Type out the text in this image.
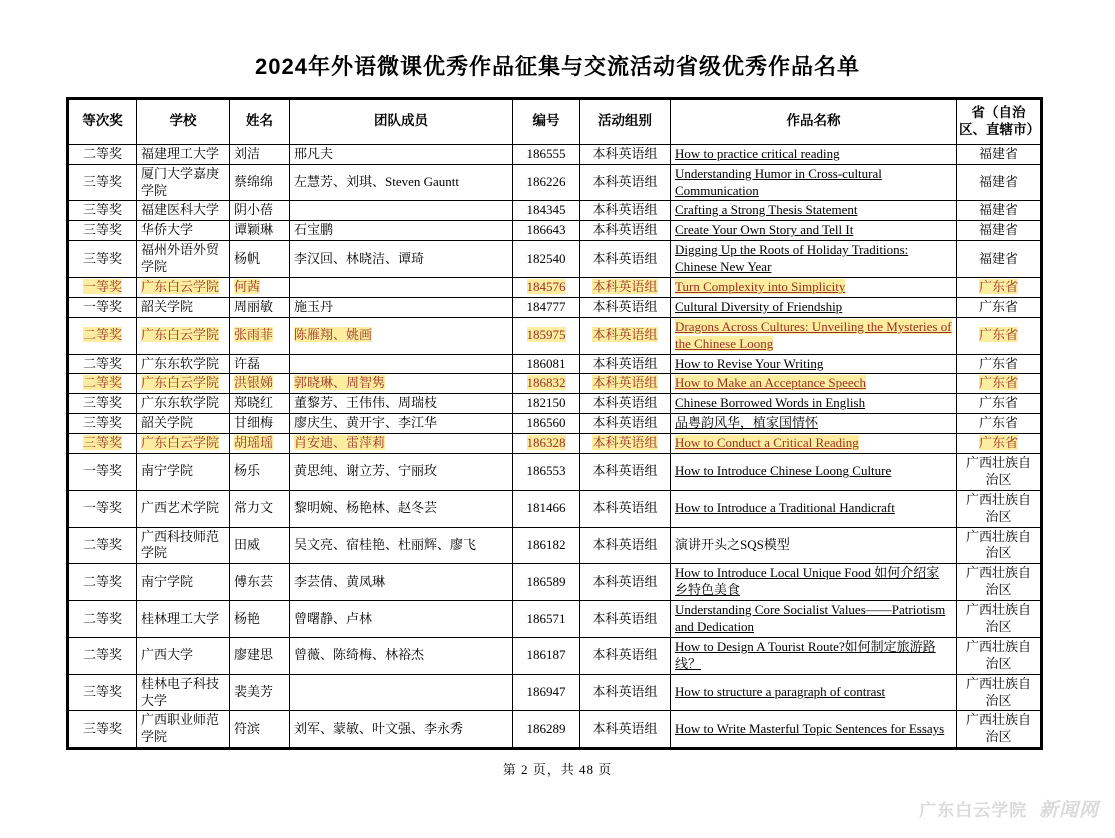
2024年外语微课优秀作品征集与交流活动省级优秀作品名单
等次奖	学校	姓名	团队成员	编号	活动组别	作品名称	省（自治区、直辖市）
二等奖	福建理工大学	刘洁	邢凡夫	186555	本科英语组	How to practice critical reading	福建省
三等奖	厦门大学嘉庚学院	蔡绵绵	左慧芳、刘琪、Steven Gauntt	186226	本科英语组	Understanding Humor in Cross-cultural Communication	福建省
三等奖	福建医科大学	阴小蓓		184345	本科英语组	Crafting a Strong Thesis Statement	福建省
三等奖	华侨大学	谭颖琳	石宝鹏	186643	本科英语组	Create Your Own Story and Tell It	福建省
三等奖	福州外语外贸学院	杨帆	李汉回、林晓洁、谭琦	182540	本科英语组	Digging Up the Roots of Holiday Traditions: Chinese New Year	福建省
一等奖	广东白云学院	何茜		184576	本科英语组	Turn Complexity into Simplicity	广东省
一等奖	韶关学院	周丽敏	施玉丹	184777	本科英语组	Cultural Diversity of Friendship	广东省
二等奖	广东白云学院	张雨菲	陈雁翔、姚画	185975	本科英语组	Dragons Across Cultures: Unveiling the Mysteries of the Chinese Loong	广东省
二等奖	广东东软学院	许磊		186081	本科英语组	How to Revise Your Writing	广东省
二等奖	广东白云学院	洪银娣	郭晓琳、周智隽	186832	本科英语组	How to Make an Acceptance Speech	广东省
三等奖	广东东软学院	郑晓红	董黎芳、王伟伟、周瑞枝	182150	本科英语组	Chinese Borrowed Words in English	广东省
三等奖	韶关学院	甘细梅	廖庆生、黄开宇、李江华	186560	本科英语组	品粤韵风华，植家国情怀	广东省
三等奖	广东白云学院	胡瑶瑶	肖安迪、雷萍莉	186328	本科英语组	How to Conduct a Critical Reading	广东省
一等奖	南宁学院	杨乐	黄思纯、谢立芳、宁丽玫	186553	本科英语组	How to Introduce Chinese Loong Culture	广西壮族自治区
一等奖	广西艺术学院	常力文	黎明婉、杨艳林、赵冬芸	181466	本科英语组	How to Introduce a Traditional Handicraft	广西壮族自治区
二等奖	广西科技师范学院	田威	吴文亮、宿桂艳、杜丽辉、廖飞	186182	本科英语组	演讲开头之SQS模型	广西壮族自治区
二等奖	南宁学院	傅东芸	李芸倩、黄凤琳	186589	本科英语组	How to Introduce Local Unique Food 如何介绍家乡特色美食	广西壮族自治区
二等奖	桂林理工大学	杨艳	曾曙静、卢林	186571	本科英语组	Understanding Core Socialist Values——Patriotism and Dedication	广西壮族自治区
二等奖	广西大学	廖建思	曾薇、陈绮梅、林裕杰	186187	本科英语组	How to Design A Tourist Route?如何制定旅游路线？	广西壮族自治区
三等奖	桂林电子科技大学	裴美芳		186947	本科英语组	How to structure a paragraph of contrast	广西壮族自治区
三等奖	广西职业师范学院	符滨	刘军、蒙敏、叶文强、李永秀	186289	本科英语组	How to Write Masterful Topic Sentences for Essays	广西壮族自治区
第 2 页，共 48 页
广东白云学院 新闻网
